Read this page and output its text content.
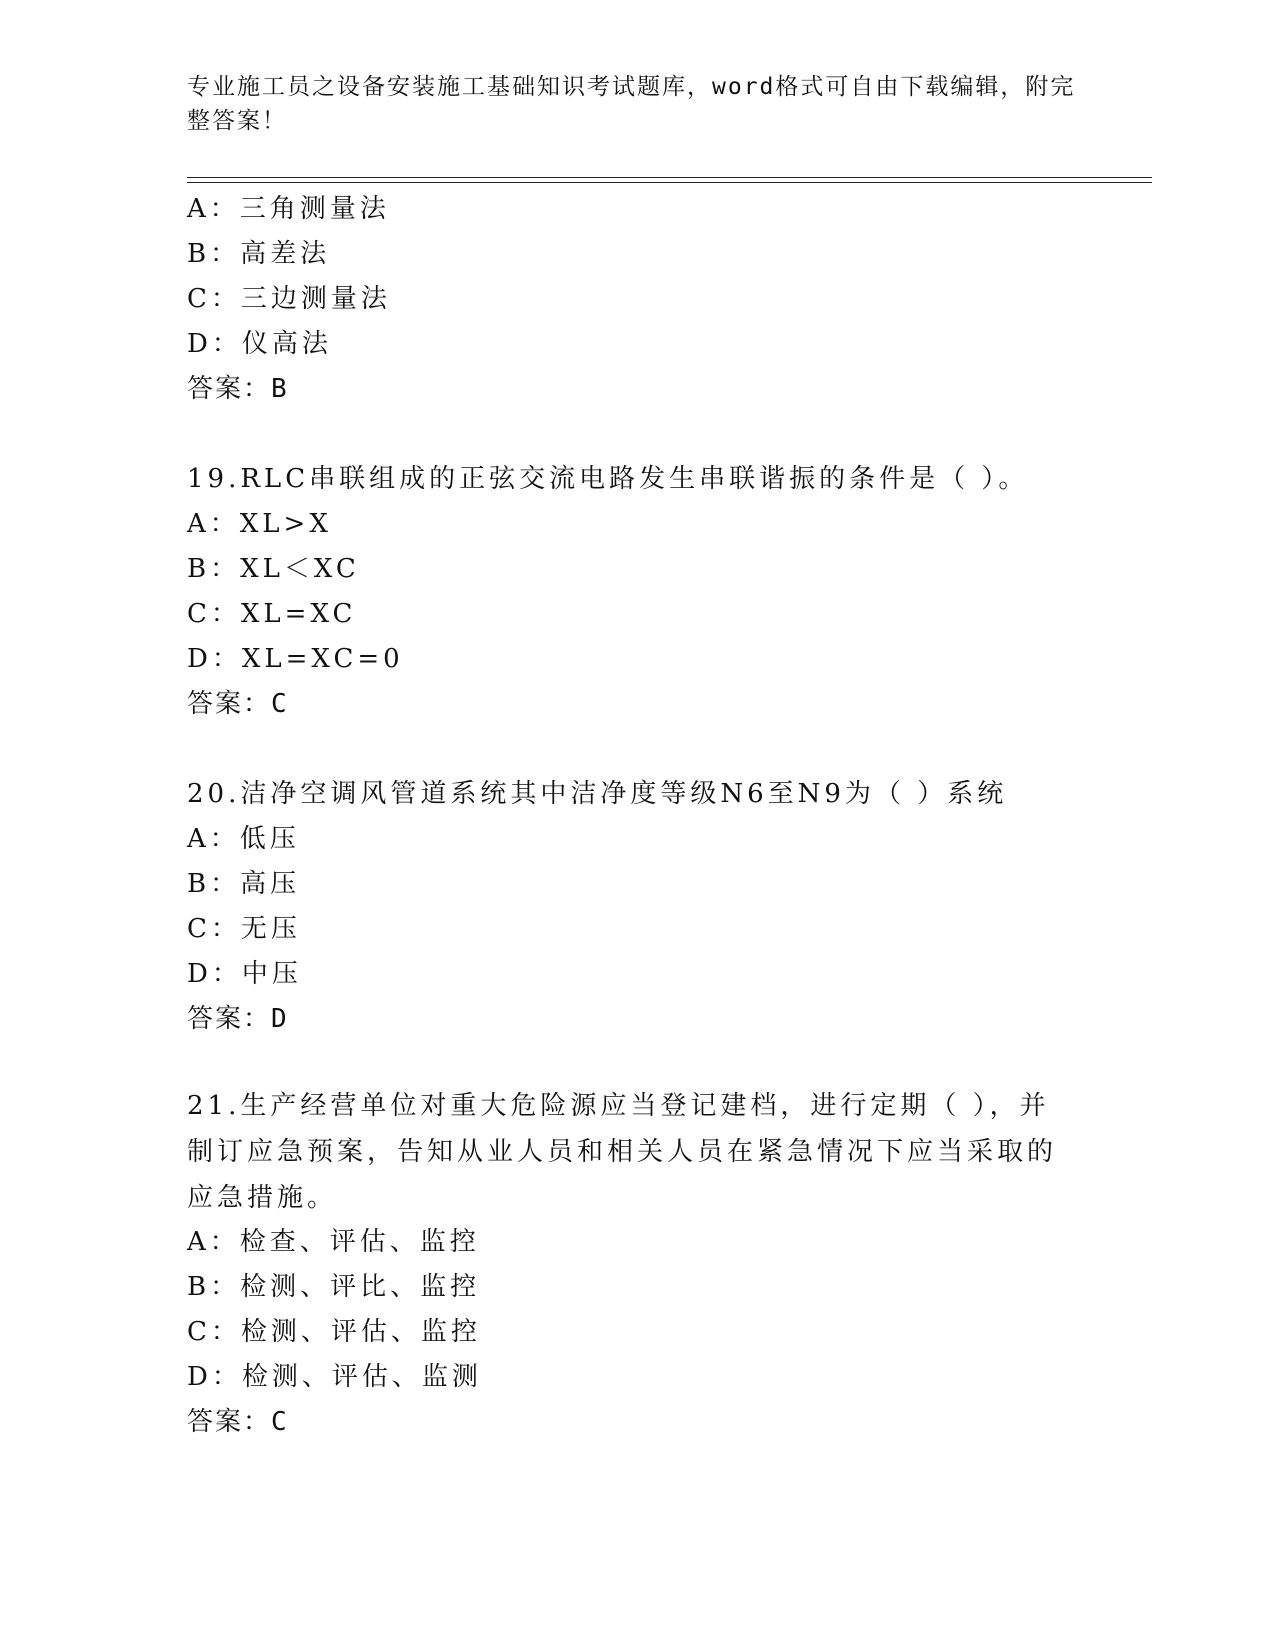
专业施工员之设备安装施工基础知识考试题库，word格式可自由下载编辑，附完整答案！
A：三角测量法
B：高差法
C：三边测量法
D：仪高法
答案：B
19.RLC串联组成的正弦交流电路发生串联谐振的条件是（ ）。
A：XL>X
B：XL＜XC
C：XL=XC
D：XL=XC=0
答案：C
20.洁净空调风管道系统其中洁净度等级N6至N9为（ ）系统
A：低压
B：高压
C：无压
D：中压
答案：D
21.生产经营单位对重大危险源应当登记建档，进行定期（ ），并制订应急预案，告知从业人员和相关人员在紧急情况下应当采取的应急措施。
A：检查、评估、监控
B：检测、评比、监控
C：检测、评估、监控
D：检测、评估、监测
答案：C
